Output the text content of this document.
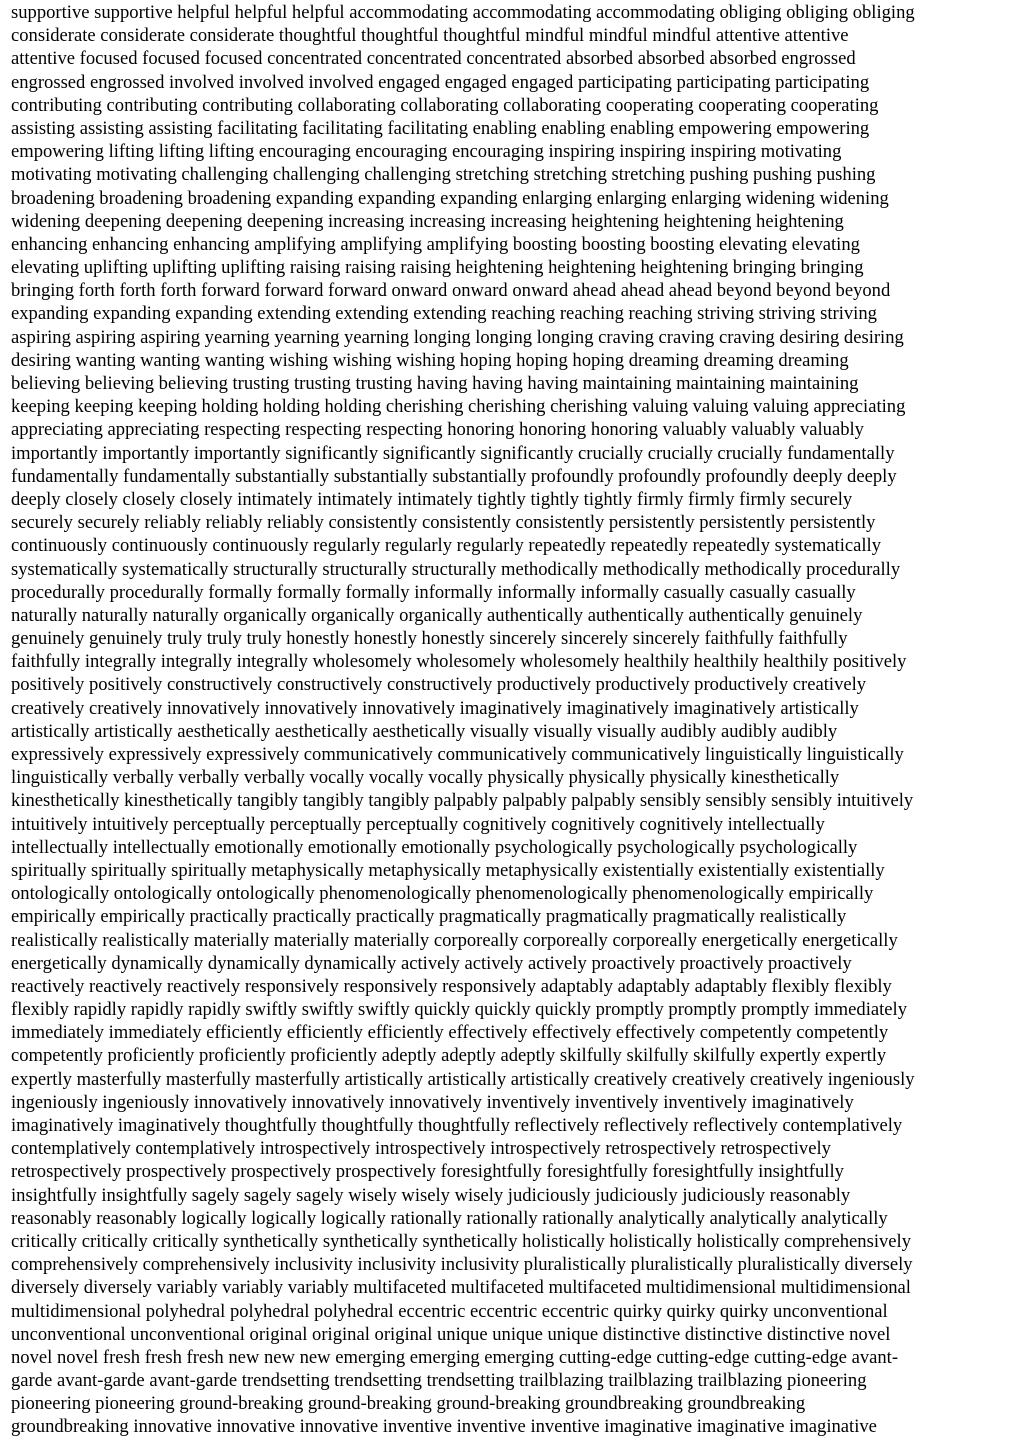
supportive supportive helpful helpful helpful accommodating accommodating accommodating obliging obliging obliging
considerate considerate considerate thoughtful thoughtful thoughtful mindful mindful mindful attentive attentive
attentive focused focused focused concentrated concentrated concentrated absorbed absorbed absorbed engrossed
engrossed engrossed involved involved involved engaged engaged engaged participating participating participating
contributing contributing contributing collaborating collaborating collaborating cooperating cooperating cooperating
assisting assisting assisting facilitating facilitating facilitating enabling enabling enabling empowering empowering
empowering lifting lifting lifting encouraging encouraging encouraging inspiring inspiring inspiring motivating
motivating motivating challenging challenging challenging stretching stretching stretching pushing pushing pushing
broadening broadening broadening expanding expanding expanding enlarging enlarging enlarging widening widening
widening deepening deepening deepening increasing increasing increasing heightening heightening heightening
enhancing enhancing enhancing amplifying amplifying amplifying boosting boosting boosting elevating elevating
elevating uplifting uplifting uplifting raising raising raising heightening heightening heightening bringing bringing
bringing forth forth forth forward forward forward onward onward onward ahead ahead ahead beyond beyond beyond
expanding expanding expanding extending extending extending reaching reaching reaching striving striving striving
aspiring aspiring aspiring yearning yearning yearning longing longing longing craving craving craving desiring desiring
desiring wanting wanting wanting wishing wishing wishing hoping hoping hoping dreaming dreaming dreaming
believing believing believing trusting trusting trusting having having having maintaining maintaining maintaining
keeping keeping keeping holding holding holding cherishing cherishing cherishing valuing valuing valuing appreciating
appreciating appreciating respecting respecting respecting honoring honoring honoring valuably valuably valuably
importantly importantly importantly significantly significantly significantly crucially crucially crucially fundamentally
fundamentally fundamentally substantially substantially substantially profoundly profoundly profoundly deeply deeply
deeply closely closely closely intimately intimately intimately tightly tightly tightly firmly firmly firmly securely
securely securely reliably reliably reliably consistently consistently consistently persistently persistently persistently
continuously continuously continuously regularly regularly regularly repeatedly repeatedly repeatedly systematically
systematically systematically structurally structurally structurally methodically methodically methodically procedurally
procedurally procedurally formally formally formally informally informally informally casually casually casually
naturally naturally naturally organically organically organically authentically authentically authentically genuinely
genuinely genuinely truly truly truly honestly honestly honestly sincerely sincerely sincerely faithfully faithfully
faithfully integrally integrally integrally wholesomely wholesomely wholesomely healthily healthily healthily positively
positively positively constructively constructively constructively productively productively productively creatively
creatively creatively innovatively innovatively innovatively imaginatively imaginatively imaginatively artistically
artistically artistically aesthetically aesthetically aesthetically visually visually visually audibly audibly audibly
expressively expressively expressively communicatively communicatively communicatively linguistically linguistically
linguistically verbally verbally verbally vocally vocally vocally physically physically physically kinesthetically
kinesthetically kinesthetically tangibly tangibly tangibly palpably palpably palpably sensibly sensibly sensibly intuitively
intuitively intuitively perceptually perceptually perceptually cognitively cognitively cognitively intellectually
intellectually intellectually emotionally emotionally emotionally psychologically psychologically psychologically
spiritually spiritually spiritually metaphysically metaphysically metaphysically existentially existentially existentially
ontologically ontologically ontologically phenomenologically phenomenologically phenomenologically empirically
empirically empirically practically practically practically pragmatically pragmatically pragmatically realistically
realistically realistically materially materially materially corporeally corporeally corporeally energetically energetically
energetically dynamically dynamically dynamically actively actively actively proactively proactively proactively
reactively reactively reactively responsively responsively responsively adaptably adaptably adaptably flexibly flexibly
flexibly rapidly rapidly rapidly swiftly swiftly swiftly quickly quickly quickly promptly promptly promptly immediately
immediately immediately efficiently efficiently efficiently effectively effectively effectively competently competently
competently proficiently proficiently proficiently adeptly adeptly adeptly skilfully skilfully skilfully expertly expertly
expertly masterfully masterfully masterfully artistically artistically artistically creatively creatively creatively ingeniously
ingeniously ingeniously innovatively innovatively innovatively inventively inventively inventively imaginatively
imaginatively imaginatively thoughtfully thoughtfully thoughtfully reflectively reflectively reflectively contemplatively
contemplatively contemplatively introspectively introspectively introspectively retrospectively retrospectively
retrospectively prospectively prospectively prospectively foresightfully foresightfully foresightfully insightfully
insightfully insightfully sagely sagely sagely wisely wisely wisely judiciously judiciously judiciously reasonably
reasonably reasonably logically logically logically rationally rationally rationally analytically analytically analytically
critically critically critically synthetically synthetically synthetically holistically holistically holistically comprehensively
comprehensively comprehensively inclusivity inclusivity inclusivity pluralistically pluralistically pluralistically diversely
diversely diversely variably variably variably multifaceted multifaceted multifaceted multidimensional multidimensional
multidimensional polyhedral polyhedral polyhedral eccentric eccentric eccentric quirky quirky quirky unconventional
unconventional unconventional original original original unique unique unique distinctive distinctive distinctive novel
novel novel fresh fresh fresh new new new emerging emerging emerging cutting-edge cutting-edge cutting-edge avant-
garde avant-garde avant-garde trendsetting trendsetting trendsetting trailblazing trailblazing trailblazing pioneering
pioneering pioneering ground-breaking ground-breaking ground-breaking groundbreaking groundbreaking
groundbreaking innovative innovative innovative inventive inventive inventive imaginative imaginative imaginative
